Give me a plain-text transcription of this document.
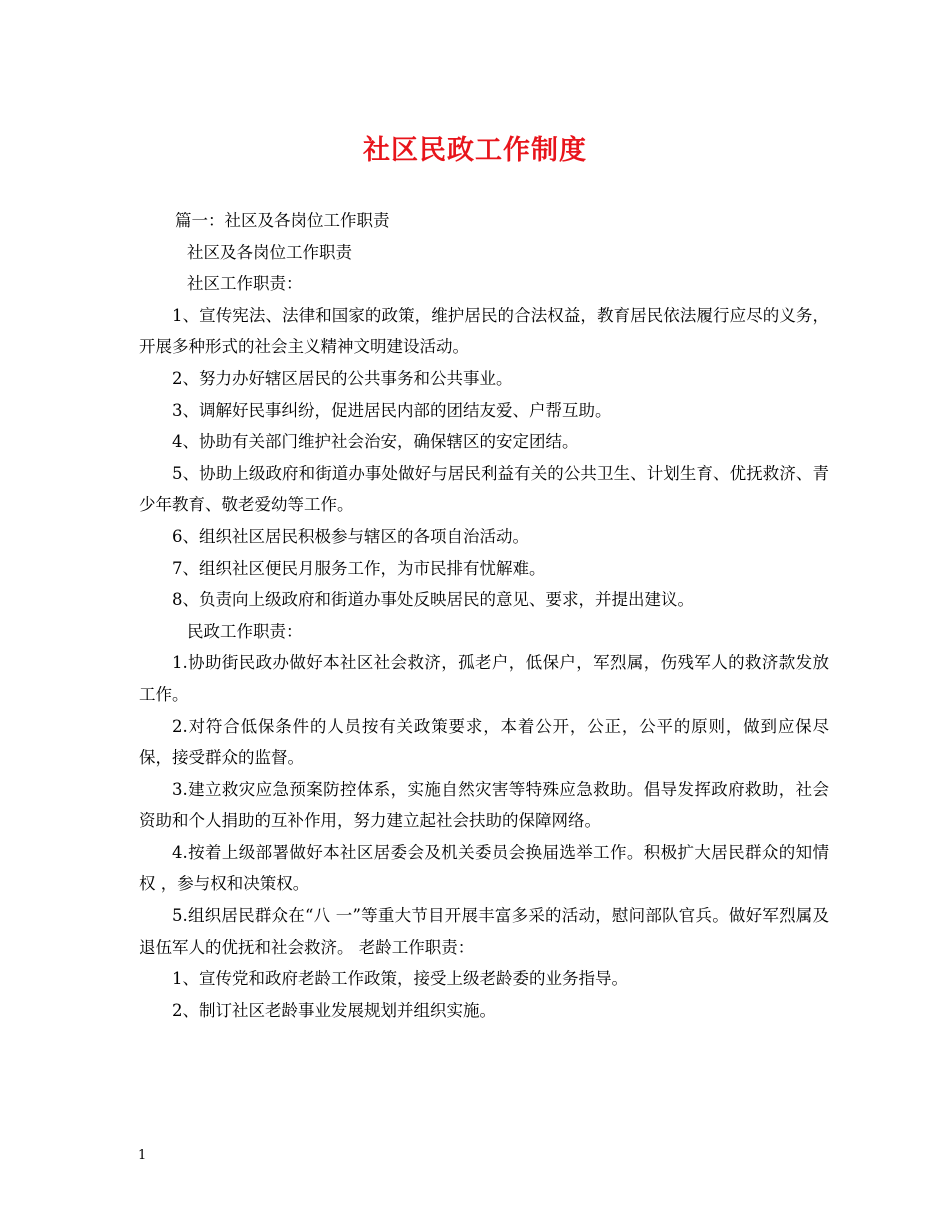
社区民政工作制度

篇一：社区及各岗位工作职责

社区及各岗位工作职责

社区工作职责：

1、宣传宪法、法律和国家的政策，维护居民的合法权益，教育居民依法履行应尽的义务，开展多种形式的社会主义精神文明建设活动。

2、努力办好辖区居民的公共事务和公共事业。

3、调解好民事纠纷，促进居民内部的团结友爱、户帮互助。

4、协助有关部门维护社会治安，确保辖区的安定团结。

5、协助上级政府和街道办事处做好与居民利益有关的公共卫生、计划生育、优抚救济、青少年教育、敬老爱幼等工作。

6、组织社区居民积极参与辖区的各项自治活动。

7、组织社区便民月服务工作，为市民排有忧解难。

8、负责向上级政府和街道办事处反映居民的意见、要求，并提出建议。

民政工作职责：

1.协助街民政办做好本社区社会救济，孤老户，低保户，军烈属，伤残军人的救济款发放工作。

2.对符合低保条件的人员按有关政策要求，本着公开，公正，公平的原则，做到应保尽保，接受群众的监督。

3.建立救灾应急预案防控体系，实施自然灾害等特殊应急救助。倡导发挥政府救助，社会资助和个人捐助的互补作用，努力建立起社会扶助的保障网络。

4.按着上级部署做好本社区居委会及机关委员会换届选举工作。积极扩大居民群众的知情权 ，参与权和决策权。

5.组织居民群众在“八 一”等重大节目开展丰富多采的活动，慰问部队官兵。做好军烈属及退伍军人的优抚和社会救济。 老龄工作职责：

1、宣传党和政府老龄工作政策，接受上级老龄委的业务指导。

2、制订社区老龄事业发展规划并组织实施。

1
